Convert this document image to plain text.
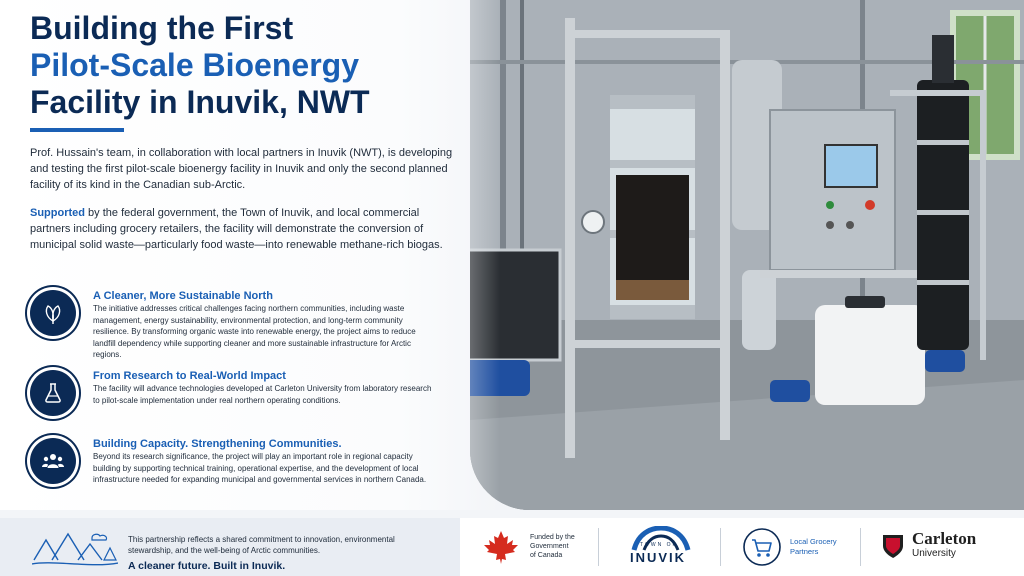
Building the First
Pilot-Scale Bioenergy
Facility in Inuvik, NWT

Prof. Hussain's team, in collaboration with local partners in Inuvik (NWT), is developing and testing the first pilot-scale bioenergy facility in Inuvik and only the second planned facility of its kind in the Canadian sub-Arctic.

Supported by the federal government, the Town of Inuvik, and local commercial partners including grocery retailers, the facility will demonstrate the conversion of municipal solid waste—particularly food waste—into renewable methane-rich biogas.

A Cleaner, More Sustainable North

The initiative addresses critical challenges facing northern communities, including waste management, energy sustainability, environmental protection, and long-term community resilience. By transforming organic waste into renewable energy, the project aims to reduce landfill dependency while supporting cleaner and more sustainable infrastructure for Arctic regions.

From Research to Real-World Impact

The facility will advance technologies developed at Carleton University from laboratory research to pilot-scale implementation under real northern operating conditions.

Building Capacity. Strengthening Communities.

Beyond its research significance, the project will play an important role in regional capacity building by supporting technical training, operational expertise, and the development of local infrastructure needed for expanding municipal and governmental services in northern Canada.

This partnership reflects a shared commitment to innovation, environmental stewardship, and the well-being of Arctic communities.

A cleaner future. Built in Inuvik.
Funded by the
Government
of Canada
TOWN OF
INUVIK
Local Grocery
Partners
Carleton
University
